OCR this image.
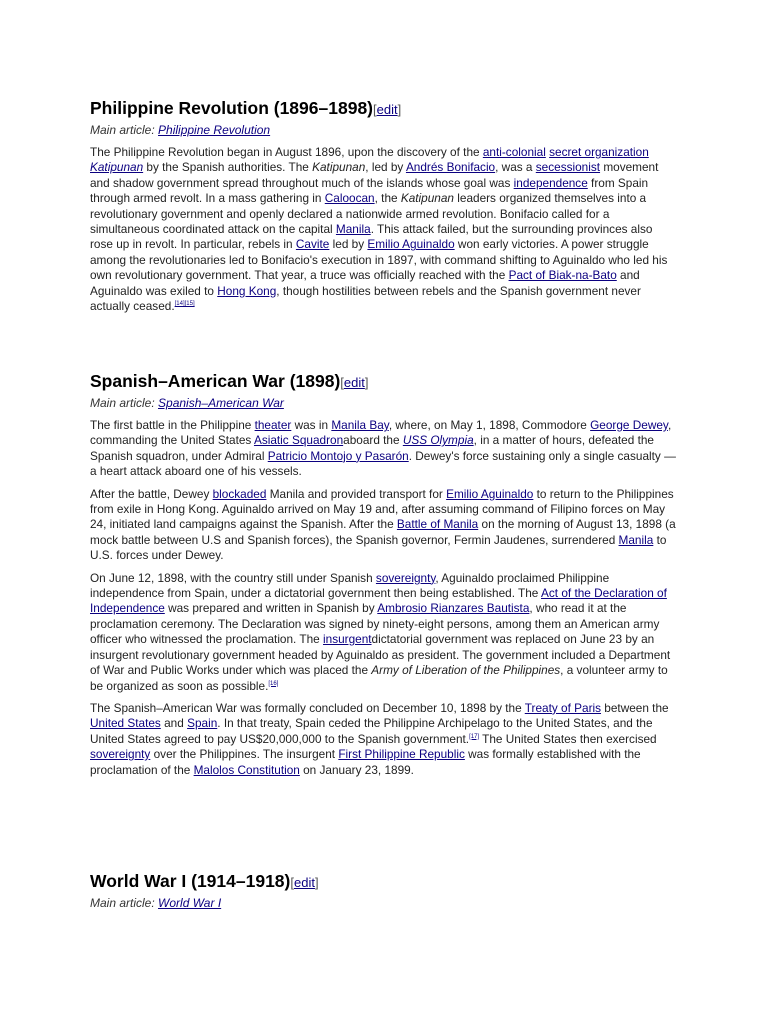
Philippine Revolution (1896–1898)[edit]
Main article: Philippine Revolution

The Philippine Revolution began in August 1896, upon the discovery of the anti-colonial secret organization Katipunan by the Spanish authorities. The Katipunan, led by Andrés Bonifacio, was a secessionist movement and shadow government spread throughout much of the islands whose goal was independence from Spain through armed revolt. In a mass gathering in Caloocan, the Katipunan leaders organized themselves into a revolutionary government and openly declared a nationwide armed revolution. Bonifacio called for a simultaneous coordinated attack on the capital Manila. This attack failed, but the surrounding provinces also rose up in revolt. In particular, rebels in Cavite led by Emilio Aguinaldo won early victories. A power struggle among the revolutionaries led to Bonifacio's execution in 1897, with command shifting to Aguinaldo who led his own revolutionary government. That year, a truce was officially reached with the Pact of Biak-na-Bato and Aguinaldo was exiled to Hong Kong, though hostilities between rebels and the Spanish government never actually ceased.[14][15]

Spanish–American War (1898)[edit]
Main article: Spanish–American War

The first battle in the Philippine theater was in Manila Bay, where, on May 1, 1898, Commodore George Dewey, commanding the United States Asiatic Squadronaboard the USS Olympia, in a matter of hours, defeated the Spanish squadron, under Admiral Patricio Montojo y Pasarón. Dewey's force sustaining only a single casualty — a heart attack aboard one of his vessels.

After the battle, Dewey blockaded Manila and provided transport for Emilio Aguinaldo to return to the Philippines from exile in Hong Kong. Aguinaldo arrived on May 19 and, after assuming command of Filipino forces on May 24, initiated land campaigns against the Spanish. After the Battle of Manila on the morning of August 13, 1898 (a mock battle between U.S and Spanish forces), the Spanish governor, Fermin Jaudenes, surrendered Manila to U.S. forces under Dewey.

On June 12, 1898, with the country still under Spanish sovereignty, Aguinaldo proclaimed Philippine independence from Spain, under a dictatorial government then being established. The Act of the Declaration of Independence was prepared and written in Spanish by Ambrosio Rianzares Bautista, who read it at the proclamation ceremony. The Declaration was signed by ninety-eight persons, among them an American army officer who witnessed the proclamation. The insurgentdictatorial government was replaced on June 23 by an insurgent revolutionary government headed by Aguinaldo as president. The government included a Department of War and Public Works under which was placed the Army of Liberation of the Philippines, a volunteer army to be organized as soon as possible.[16]

The Spanish–American War was formally concluded on December 10, 1898 by the Treaty of Paris between the United States and Spain. In that treaty, Spain ceded the Philippine Archipelago to the United States, and the United States agreed to pay US$20,000,000 to the Spanish government.[17] The United States then exercised sovereignty over the Philippines. The insurgent First Philippine Republic was formally established with the proclamation of the Malolos Constitution on January 23, 1899.

World War I (1914–1918)[edit]
Main article: World War I
